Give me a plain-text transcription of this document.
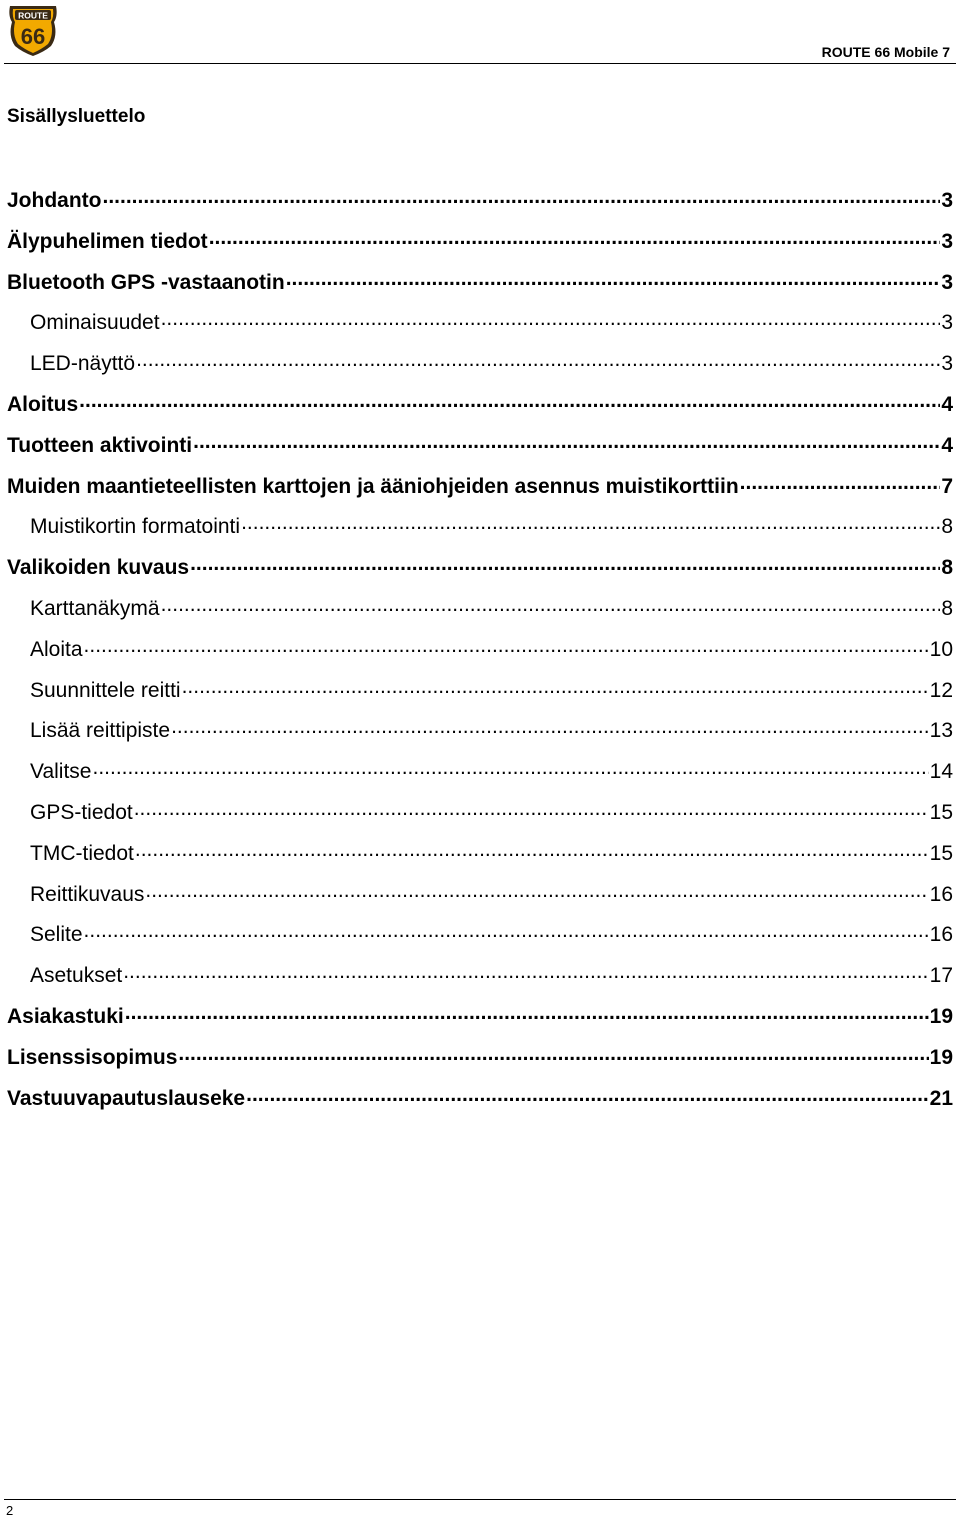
ROUTE
66
ROUTE 66 Mobile 7
Sisällysluettelo
Johdanto .....	3
Älypuhelimen tiedot .....	3
Bluetooth GPS -vastaanotin .....	3
Ominaisuudet .....	3
LED-näyttö .....	3
Aloitus .....	4
Tuotteen aktivointi .....	4
Muiden maantieteellisten karttojen ja ääniohjeiden asennus muistikorttiin .....	7
Muistikortin formatointi .....	8
Valikoiden kuvaus .....	8
Karttanäkymä .....	8
Aloita .....	10
Suunnittele reitti .....	12
Lisää reittipiste .....	13
Valitse .....	14
GPS-tiedot .....	15
TMC-tiedot .....	15
Reittikuvaus .....	16
Selite .....	16
Asetukset .....	17
Asiakastuki .....	19
Lisenssisopimus .....	19
Vastuuvapautuslauseke .....	21
2
